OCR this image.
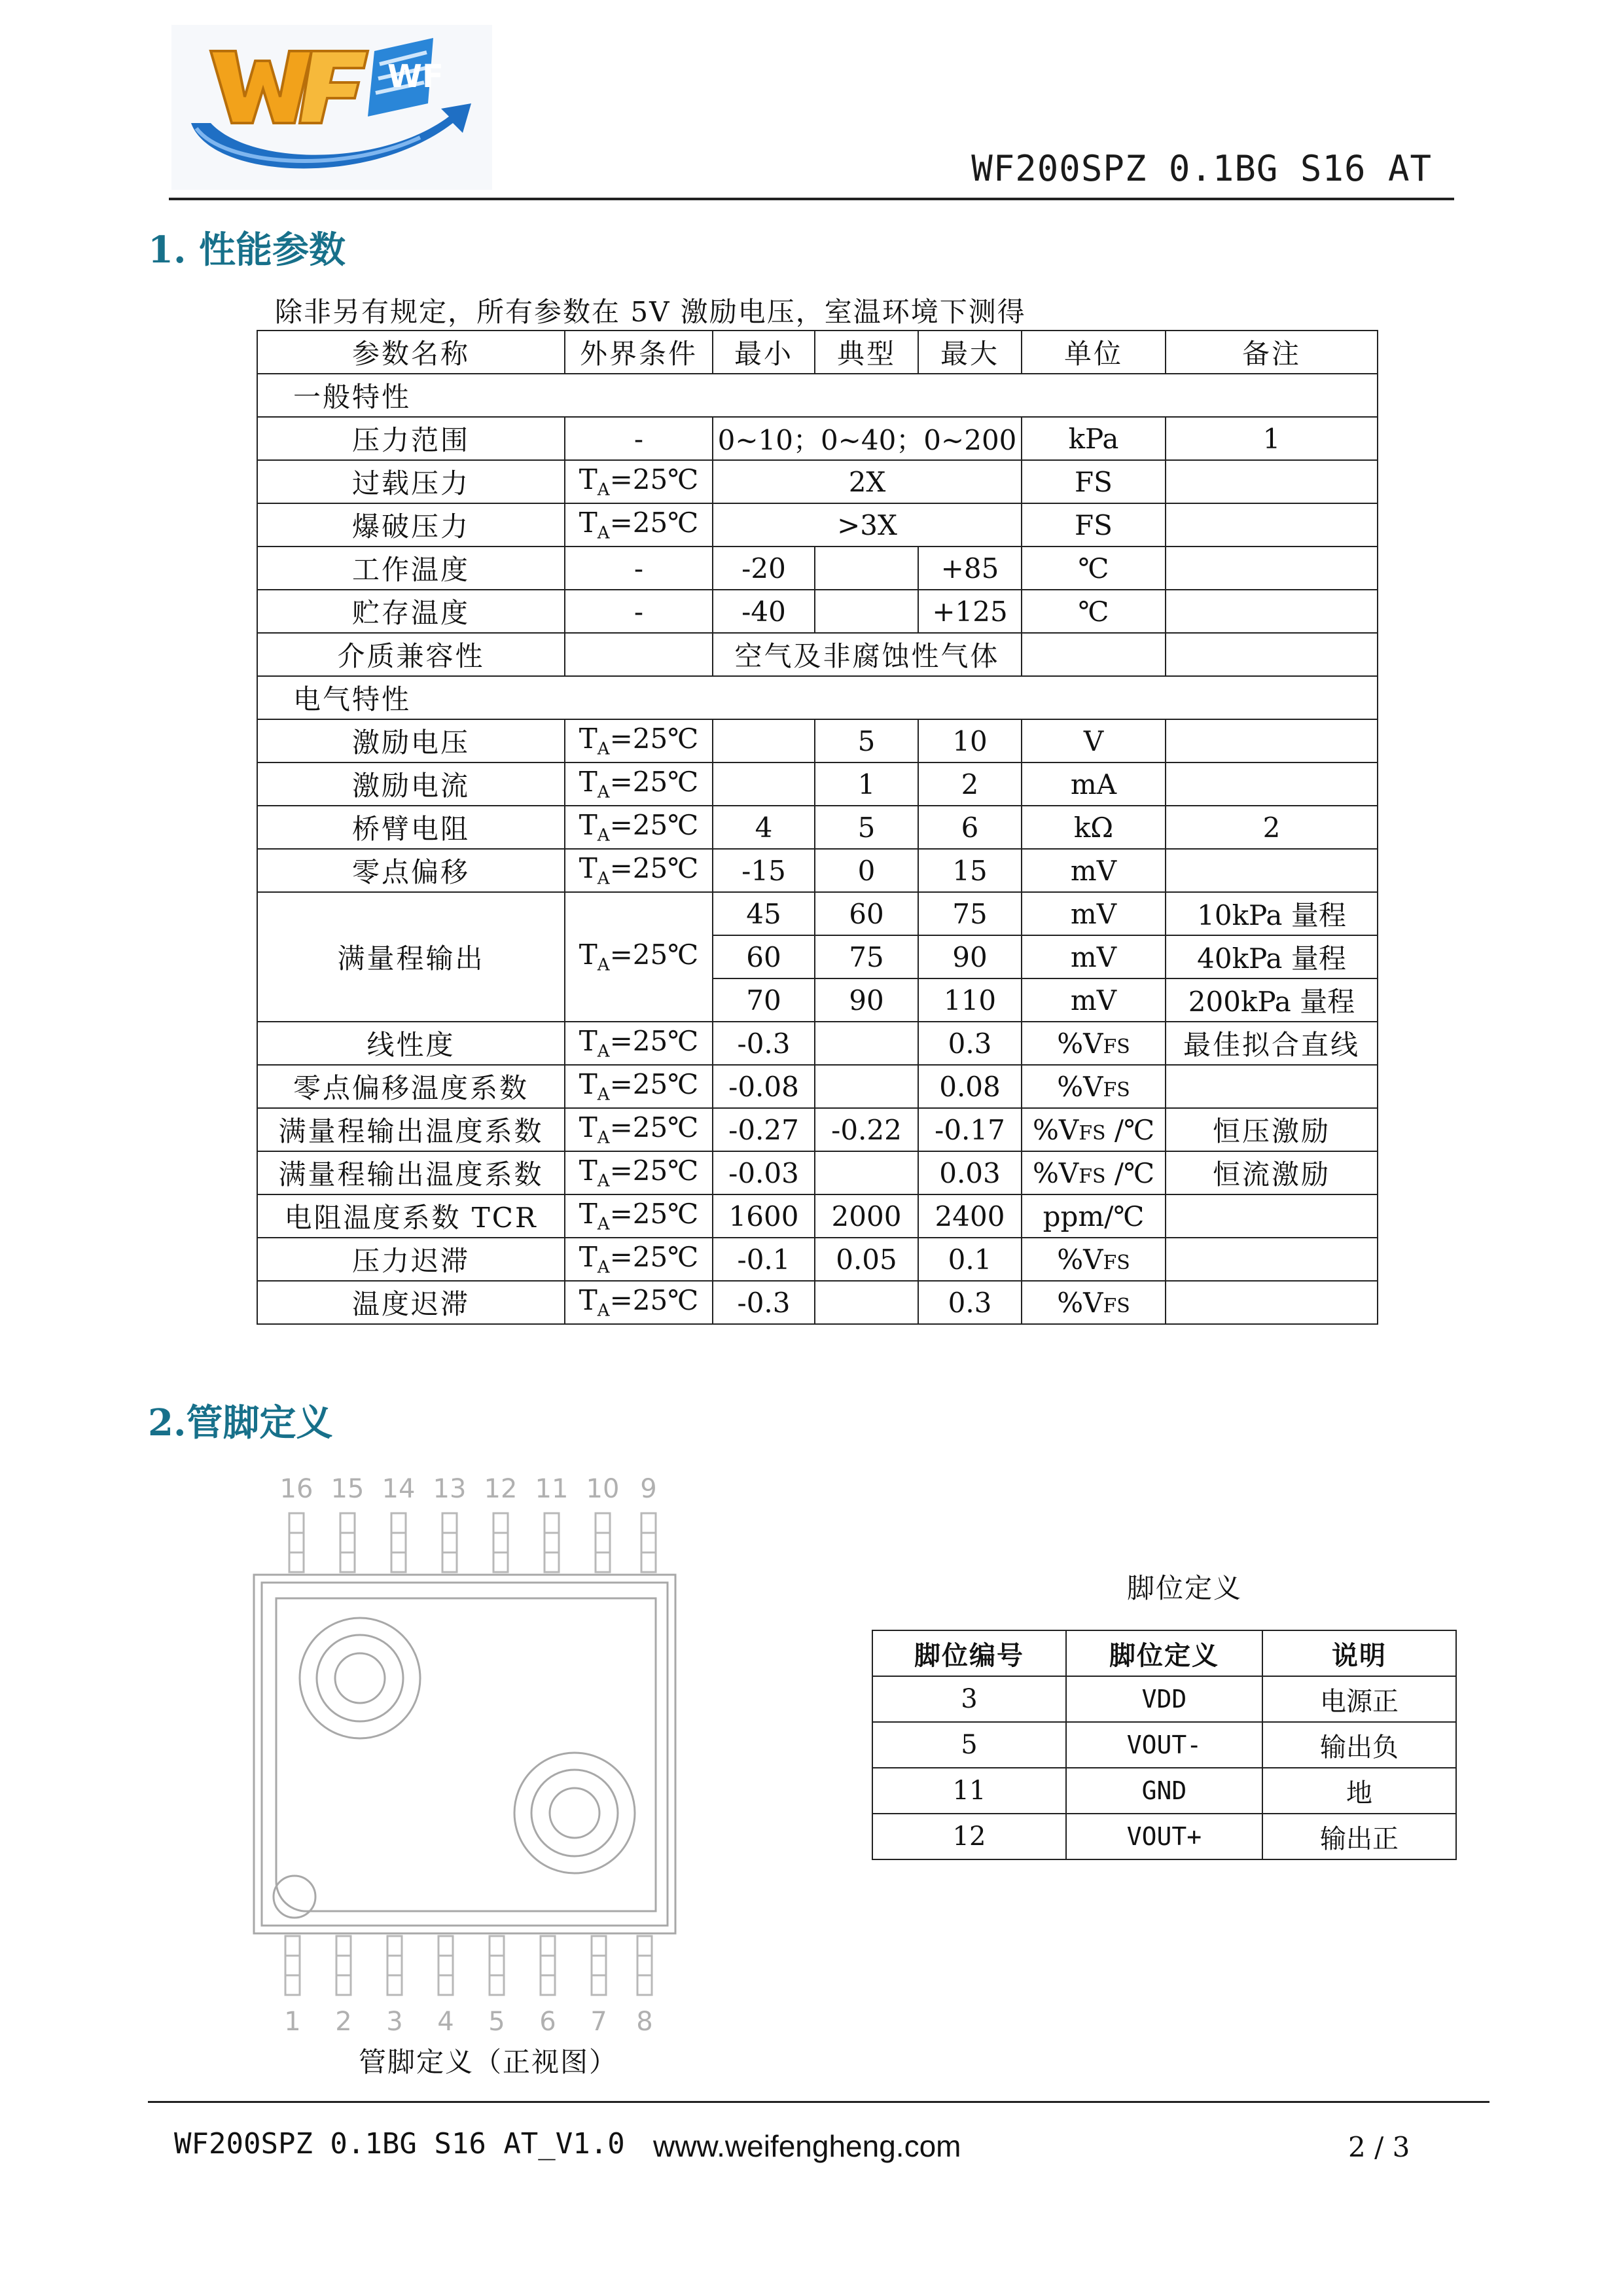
WF
WF200SPZ 0.1BG S16 AT
1. 性能参数
除非另有规定，所有参数在 5V 激励电压，室温环境下测得
参数名称	外界条件	最小	典型	最大	单位	备注
一般特性						
压力范围	-	0~10；0~40；0~200			kPa	1
过载压力	$T_A=25℃$	2X			FS	
爆破压力	$T_A=25℃$	>3X			FS	
工作温度	-	-20		+85	℃	
贮存温度	-	-40		+125	℃	
介质兼容性		空气及非腐蚀性气体				
电气特性						
激励电压	$T_A=25℃$		5	10	V	
激励电流	$T_A=25℃$		1	2	mA	
桥臂电阻	$T_A=25℃$	4	5	6	kΩ	2
零点偏移	$T_A=25℃$	-15	0	15	mV	
满量程输出	$T_A=25℃$	45	60	75	mV	10kPa 量程
		60	75	90	mV	40kPa 量程
		70	90	110	mV	200kPa 量程
线性度	$T_A=25℃$	-0.3		0.3	%VFS	最佳拟合直线
零点偏移温度系数	$T_A=25℃$	-0.08		0.08	%VFS	
满量程输出温度系数	$T_A=25℃$	-0.27	-0.22	-0.17	%VFS /℃	恒压激励
满量程输出温度系数	$T_A=25℃$	-0.03		0.03	%VFS /℃	恒流激励
电阻温度系数 TCR	$T_A=25℃$	1600	2000	2400	ppm/℃	
压力迟滞	$T_A=25℃$	-0.1	0.05	0.1	%VFS	
温度迟滞	$T_A=25℃$	-0.3		0.3	%VFS	
2.管脚定义
16 15 14 13 12 11 10 9
1 2 3 4 5 6 7 8
管脚定义（正视图）
脚位定义
脚位编号	脚位定义	说明
3	VDD	电源正
5	VOUT-	输出负
11	GND	地
12	VOUT+	输出正
WF200SPZ 0.1BG S16 AT_V1.0 www.weifengheng.com	2 / 3
